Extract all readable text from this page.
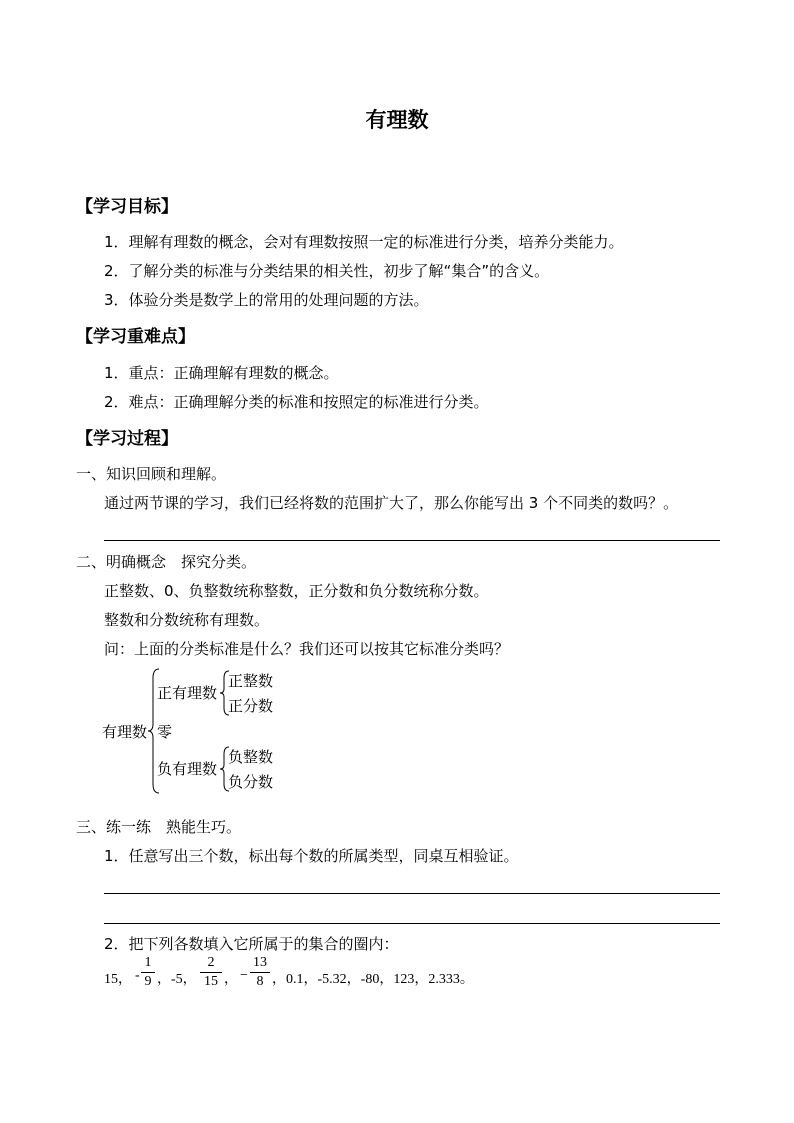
有理数
【学习目标】
1．理解有理数的概念，会对有理数按照一定的标准进行分类，培养分类能力。
2．了解分类的标准与分类结果的相关性，初步了解“集合”的含义。
3．体验分类是数学上的常用的处理问题的方法。
【学习重难点】
1．重点：正确理解有理数的概念。
2．难点：正确理解分类的标准和按照定的标准进行分类。
【学习过程】
一、知识回顾和理解。
通过两节课的学习，我们已经将数的范围扩大了，那么你能写出 3 个不同类的数吗？。
二、明确概念　探究分类。
正整数、0、负整数统称整数，正分数和负分数统称分数。
整数和分数统称有理数。
问：上面的分类标准是什么？我们还可以按其它标准分类吗？
有理数
正有理数
正整数
正分数
零
负有理数
负整数
负分数
三、练一练　熟能生巧。
1．任意写出三个数，标出每个数的所属类型，同桌互相验证。
2．把下列各数填入它所属于的集合的圈内：
15， -
1
9 ，-5，
2
15 ， −
13
8 ，0.1，-5.32，-80，123，2.333。
